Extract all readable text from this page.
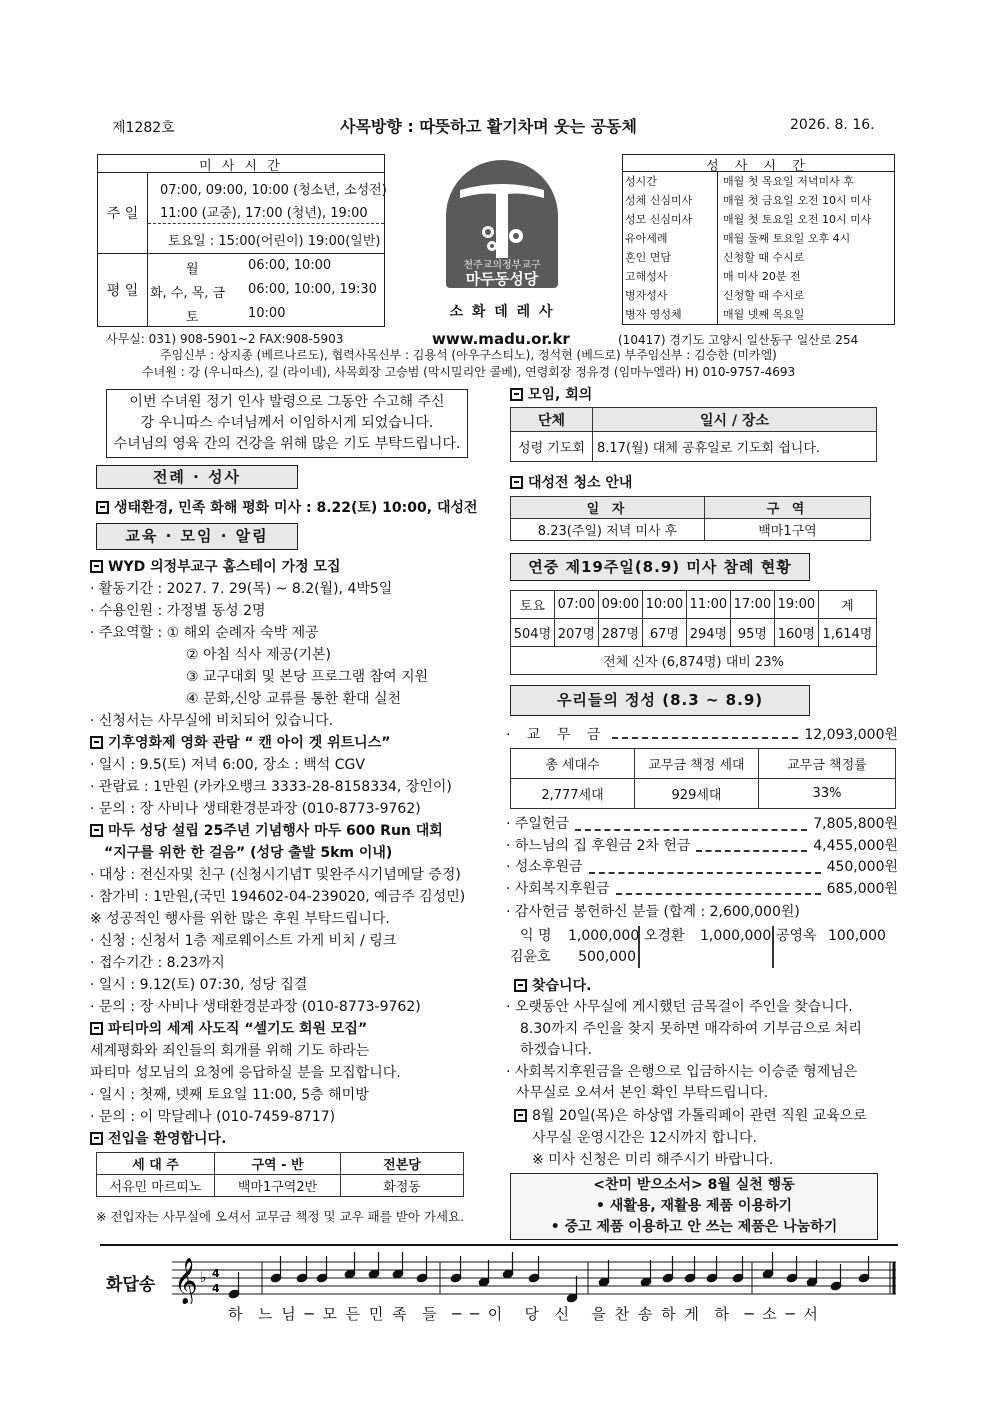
제1282호	사목방향 : 따뜻하고 활기차며 웃는 공동체	2026. 8. 16.
미 사 시 간
주 일
07:00, 09:00, 10:00 (청소년, 소성전)
11:00 (교중), 17:00 (청년), 19:00
토요일 : 15:00(어린이) 19:00(일반)
평 일
월	06:00, 10:00
화, 수, 목, 금 06:00, 10:00, 19:30
토	10:00
천주교의정부교구
마두동성당
소 화 데 레 사
www.madu.or.kr
성 사 시 간
성시간	매월 첫 목요일 저녁미사 후
성체 신심미사	매월 첫 금요일 오전 10시 미사
성모 신심미사	매월 첫 토요일 오전 10시 미사
유아세례	매월 둘째 토요일 오후 4시
혼인 면담	신청할 때 수시로
고해성사	매 미사 20분 전
병자성사	신청할 때 수시로
병자 영성체	매월 넷째 목요일
사무실: 031) 908-5901~2 FAX:908-5903	(10417) 경기도 고양시 일산동구 일산로 254
주임신부 : 상지종 (베르나르도), 협력사목신부 : 김용석 (아우구스티노), 정석현 (베드로) 부주임신부 : 김승한 (미카엘)
수녀원 : 강 (우니따스), 길 (라이네), 사목회장 고승범 (막시밀리안 콜베), 연령회장 정유경 (임마누엘라) H) 010-9757-4693
이번 수녀원 정기 인사 발령으로 그동안 수고해 주신
강 우니따스 수녀님께서 이임하시게 되었습니다.
수녀님의 영육 간의 건강을 위해 많은 기도 부탁드립니다.
전례 · 성사
생태환경, 민족 화해 평화 미사 : 8.22(토) 10:00, 대성전
교육 · 모임 · 알림
WYD 의정부교구 홈스테이 가정 모집
· 활동기간 : 2027. 7. 29(목) ~ 8.2(월), 4박5일
· 수용인원 : 가정별 동성 2명
· 주요역할 : ① 해외 순례자 숙박 제공
② 아침 식사 제공(기본)
③ 교구대회 및 본당 프로그램 참여 지원
④ 문화,신앙 교류를 통한 환대 실천
· 신청서는 사무실에 비치되어 있습니다.
기후영화제 영화 관람 “ 캔 아이 겟 위트니스”
· 일시 : 9.5(토) 저녁 6:00, 장소 : 백석 CGV
· 관람료 : 1만원 (카카오뱅크 3333-28-8158334, 장인이)
· 문의 : 장 사비나 생태환경분과장 (010-8773-9762)
마두 성당 설립 25주년 기념행사 마두 600 Run 대회
“지구를 위한 한 걸음” (성당 출발 5km 이내)
· 대상 : 전신자및 친구 (신청시기념T 및완주시기념메달 증정)
· 참가비 : 1만원,(국민 194602-04-239020, 예금주 김성민)
※ 성공적인 행사를 위한 많은 후원 부탁드립니다.
· 신청 : 신청서 1층 제로웨이스트 가게 비치 / 링크
· 접수기간 : 8.23까지
· 일시 : 9.12(토) 07:30, 성당 집결
· 문의 : 장 사비나 생태환경분과장 (010-8773-9762)
파티마의 세계 사도직 “셀기도 회원 모집”
세계평화와 죄인들의 회개를 위해 기도 하라는
파티마 성모님의 요청에 응답하실 분을 모집합니다.
· 일시 : 첫째, 넷째 토요일 11:00, 5층 해미방
· 문의 : 이 막달레나 (010-7459-8717)
전입을 환영합니다.
세 대 주	구역 - 반	전본당
서유민 마르띠노	백마1구역2반	화정동
※ 전입자는 사무실에 오셔서 교무금 책정 및 교우 패를 받아 가세요.
모임, 회의
단체	일시 / 장소
성령 기도회	8.17(월) 대체 공휴일로 기도회 쉽니다.
대성전 청소 안내
일 자	구 역
8.23(주일) 저녁 미사 후	백마1구역
연중 제19주일(8.9) 미사 참례 현황
토요	07:00	09:00	10:00	11:00	17:00	19:00	계
504명	207명	287명	67명	294명	95명	160명	1,614명
전체 신자 (6,874명) 대비 23%							
우리들의 정성 (8.3 ~ 8.9)
· 교 무 금	12,093,000원
총 세대수	교무금 책정 세대	교무금 책정률
2,777세대	929세대	33%
· 주일헌금	7,805,800원
· 하느님의 집 후원금 2차 헌금	4,455,000원
· 성소후원금	450,000원
· 사회복지후원금	685,000원
· 감사헌금 봉헌하신 분들 (합계 : 2,600,000원)
익 명 1,000,000 오경환 1,000,000 공영옥 100,000
김윤호	500,000
찾습니다.
· 오랫동안 사무실에 게시했던 금목걸이 주인을 찾습니다.
8.30까지 주인을 찾지 못하면 매각하여 기부금으로 처리
하겠습니다.
· 사회복지후원금을 은행으로 입금하시는 이승준 형제님은
사무실로 오셔서 본인 확인 부탁드립니다.
8월 20일(목)은 하상앱 가톨릭페이 관련 직원 교육으로
사무실 운영시간은 12시까지 합니다.
※ 미사 신청은 미리 해주시기 바랍니다.
<찬미 받으소서> 8월 실천 행동
• 새활용, 재활용 제품 이용하기
• 중고 제품 이용하고 안 쓰는 제품은 나눔하기
화답송 𝄞 ♭ 4
4
하  느 님 ─ 모 든 민 족  들  ─ ─ 이   당  신   을 찬 송 하 게  하  ─ 소 ─ 서
